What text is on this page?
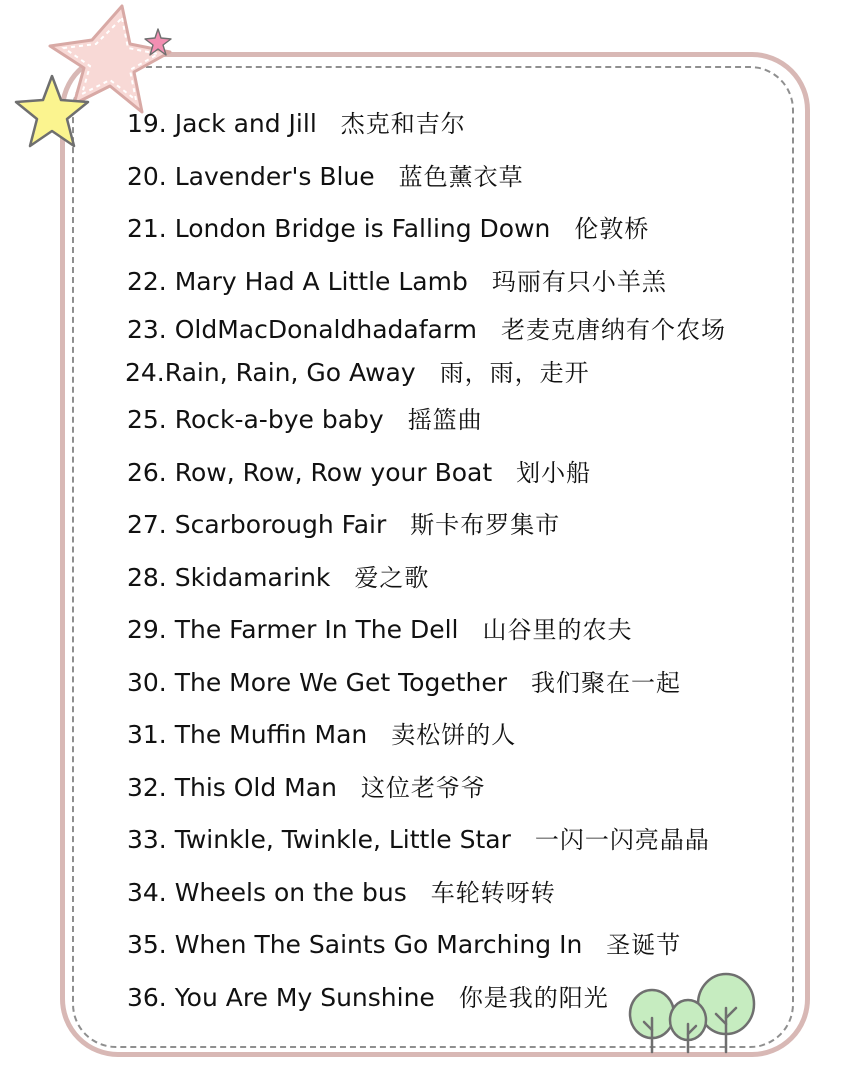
19. Jack and Jill 杰克和吉尔
20. Lavender's Blue 蓝色薰衣草
21. London Bridge is Falling Down 伦敦桥
22. Mary Had A Little Lamb 玛丽有只小羊羔
23. OldMacDonaldhadafarm 老麦克唐纳有个农场
24.Rain, Rain, Go Away 雨，雨，走开
25. Rock-a-bye baby 摇篮曲
26. Row, Row, Row your Boat 划小船
27. Scarborough Fair 斯卡布罗集市
28. Skidamarink 爱之歌
29. The Farmer In The Dell 山谷里的农夫
30. The More We Get Together 我们聚在一起
31. The Muffin Man 卖松饼的人
32. This Old Man 这位老爷爷
33. Twinkle, Twinkle, Little Star 一闪一闪亮晶晶
34. Wheels on the bus 车轮转呀转
35. When The Saints Go Marching In 圣诞节
36. You Are My Sunshine 你是我的阳光
